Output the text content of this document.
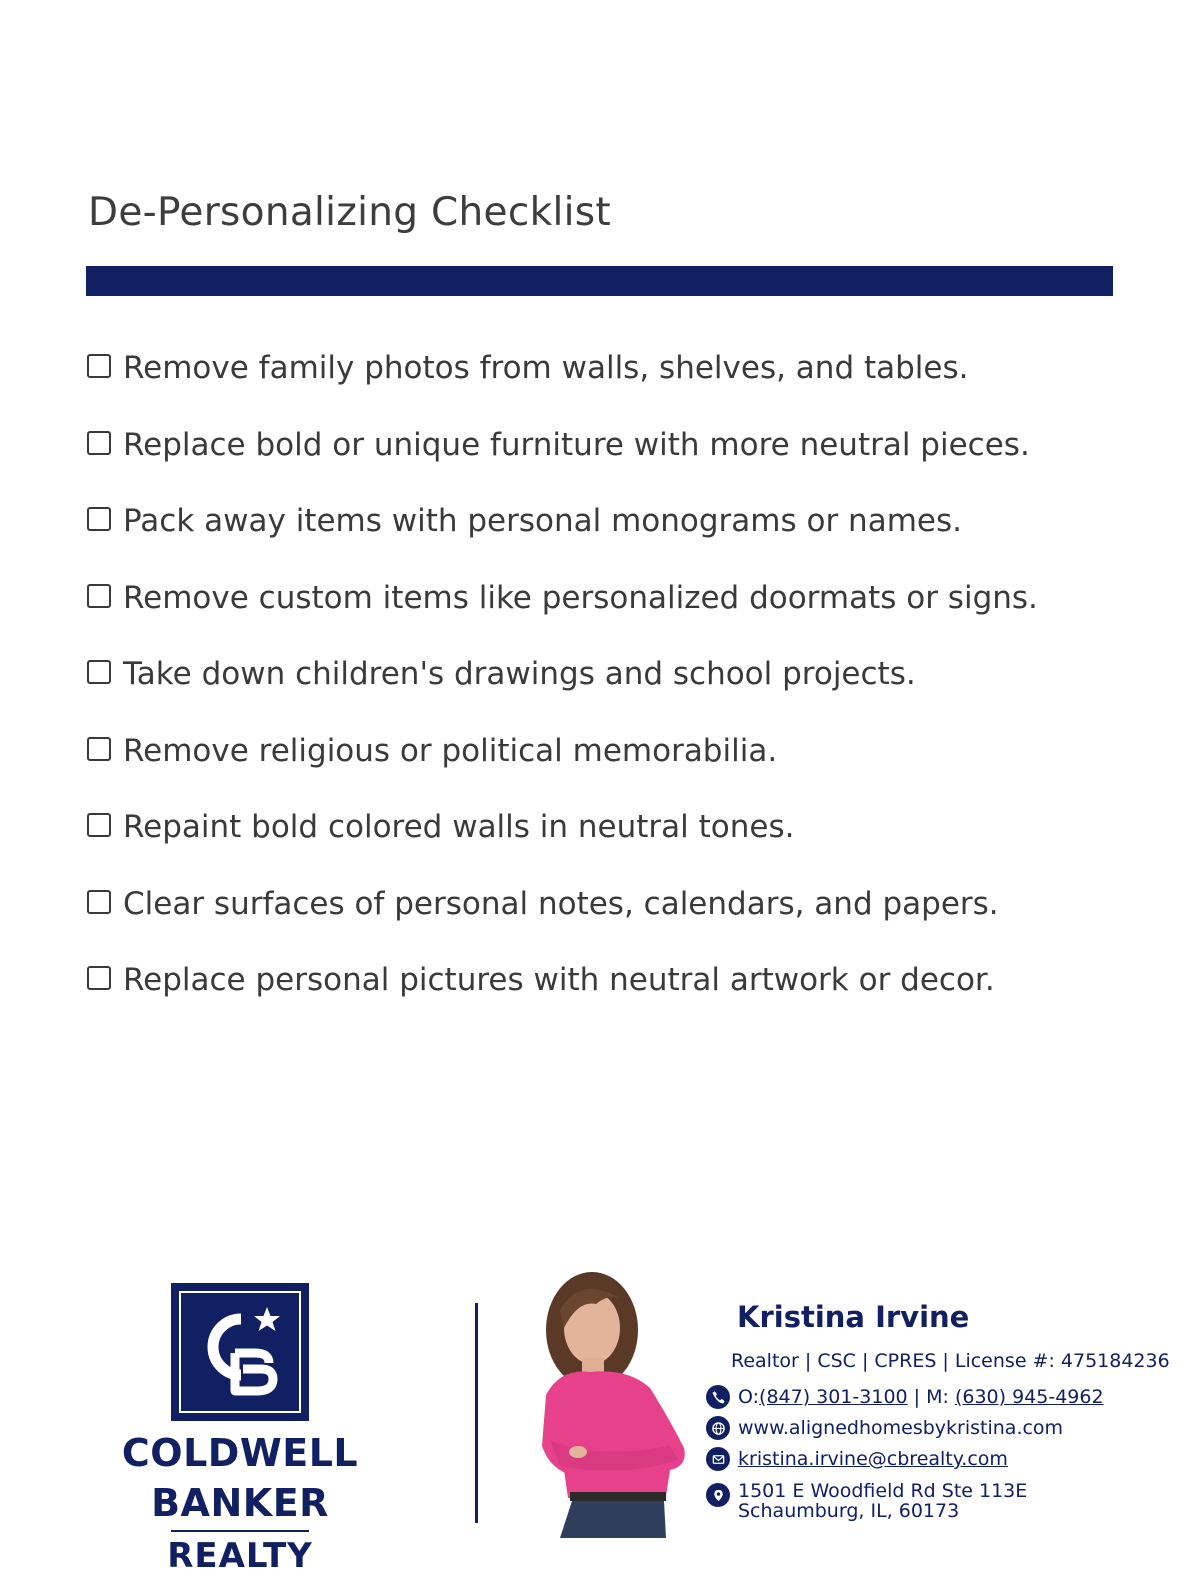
De-Personalizing Checklist
Remove family photos from walls, shelves, and tables.
Replace bold or unique furniture with more neutral pieces.
Pack away items with personal monograms or names.
Remove custom items like personalized doormats or signs.
Take down children's drawings and school projects.
Remove religious or political memorabilia.
Repaint bold colored walls in neutral tones.
Clear surfaces of personal notes, calendars, and papers.
Replace personal pictures with neutral artwork or decor.
COLDWELL BANKER
REALTY
Kristina Irvine
Realtor | CSC | CPRES | License #: 475184236
O: (847) 301-3100 | M: (630) 945-4962
www.alignedhomesbykristina.com
kristina.irvine@cbrealty.com
1501 E Woodfield Rd Ste 113E
Schaumburg, IL, 60173
